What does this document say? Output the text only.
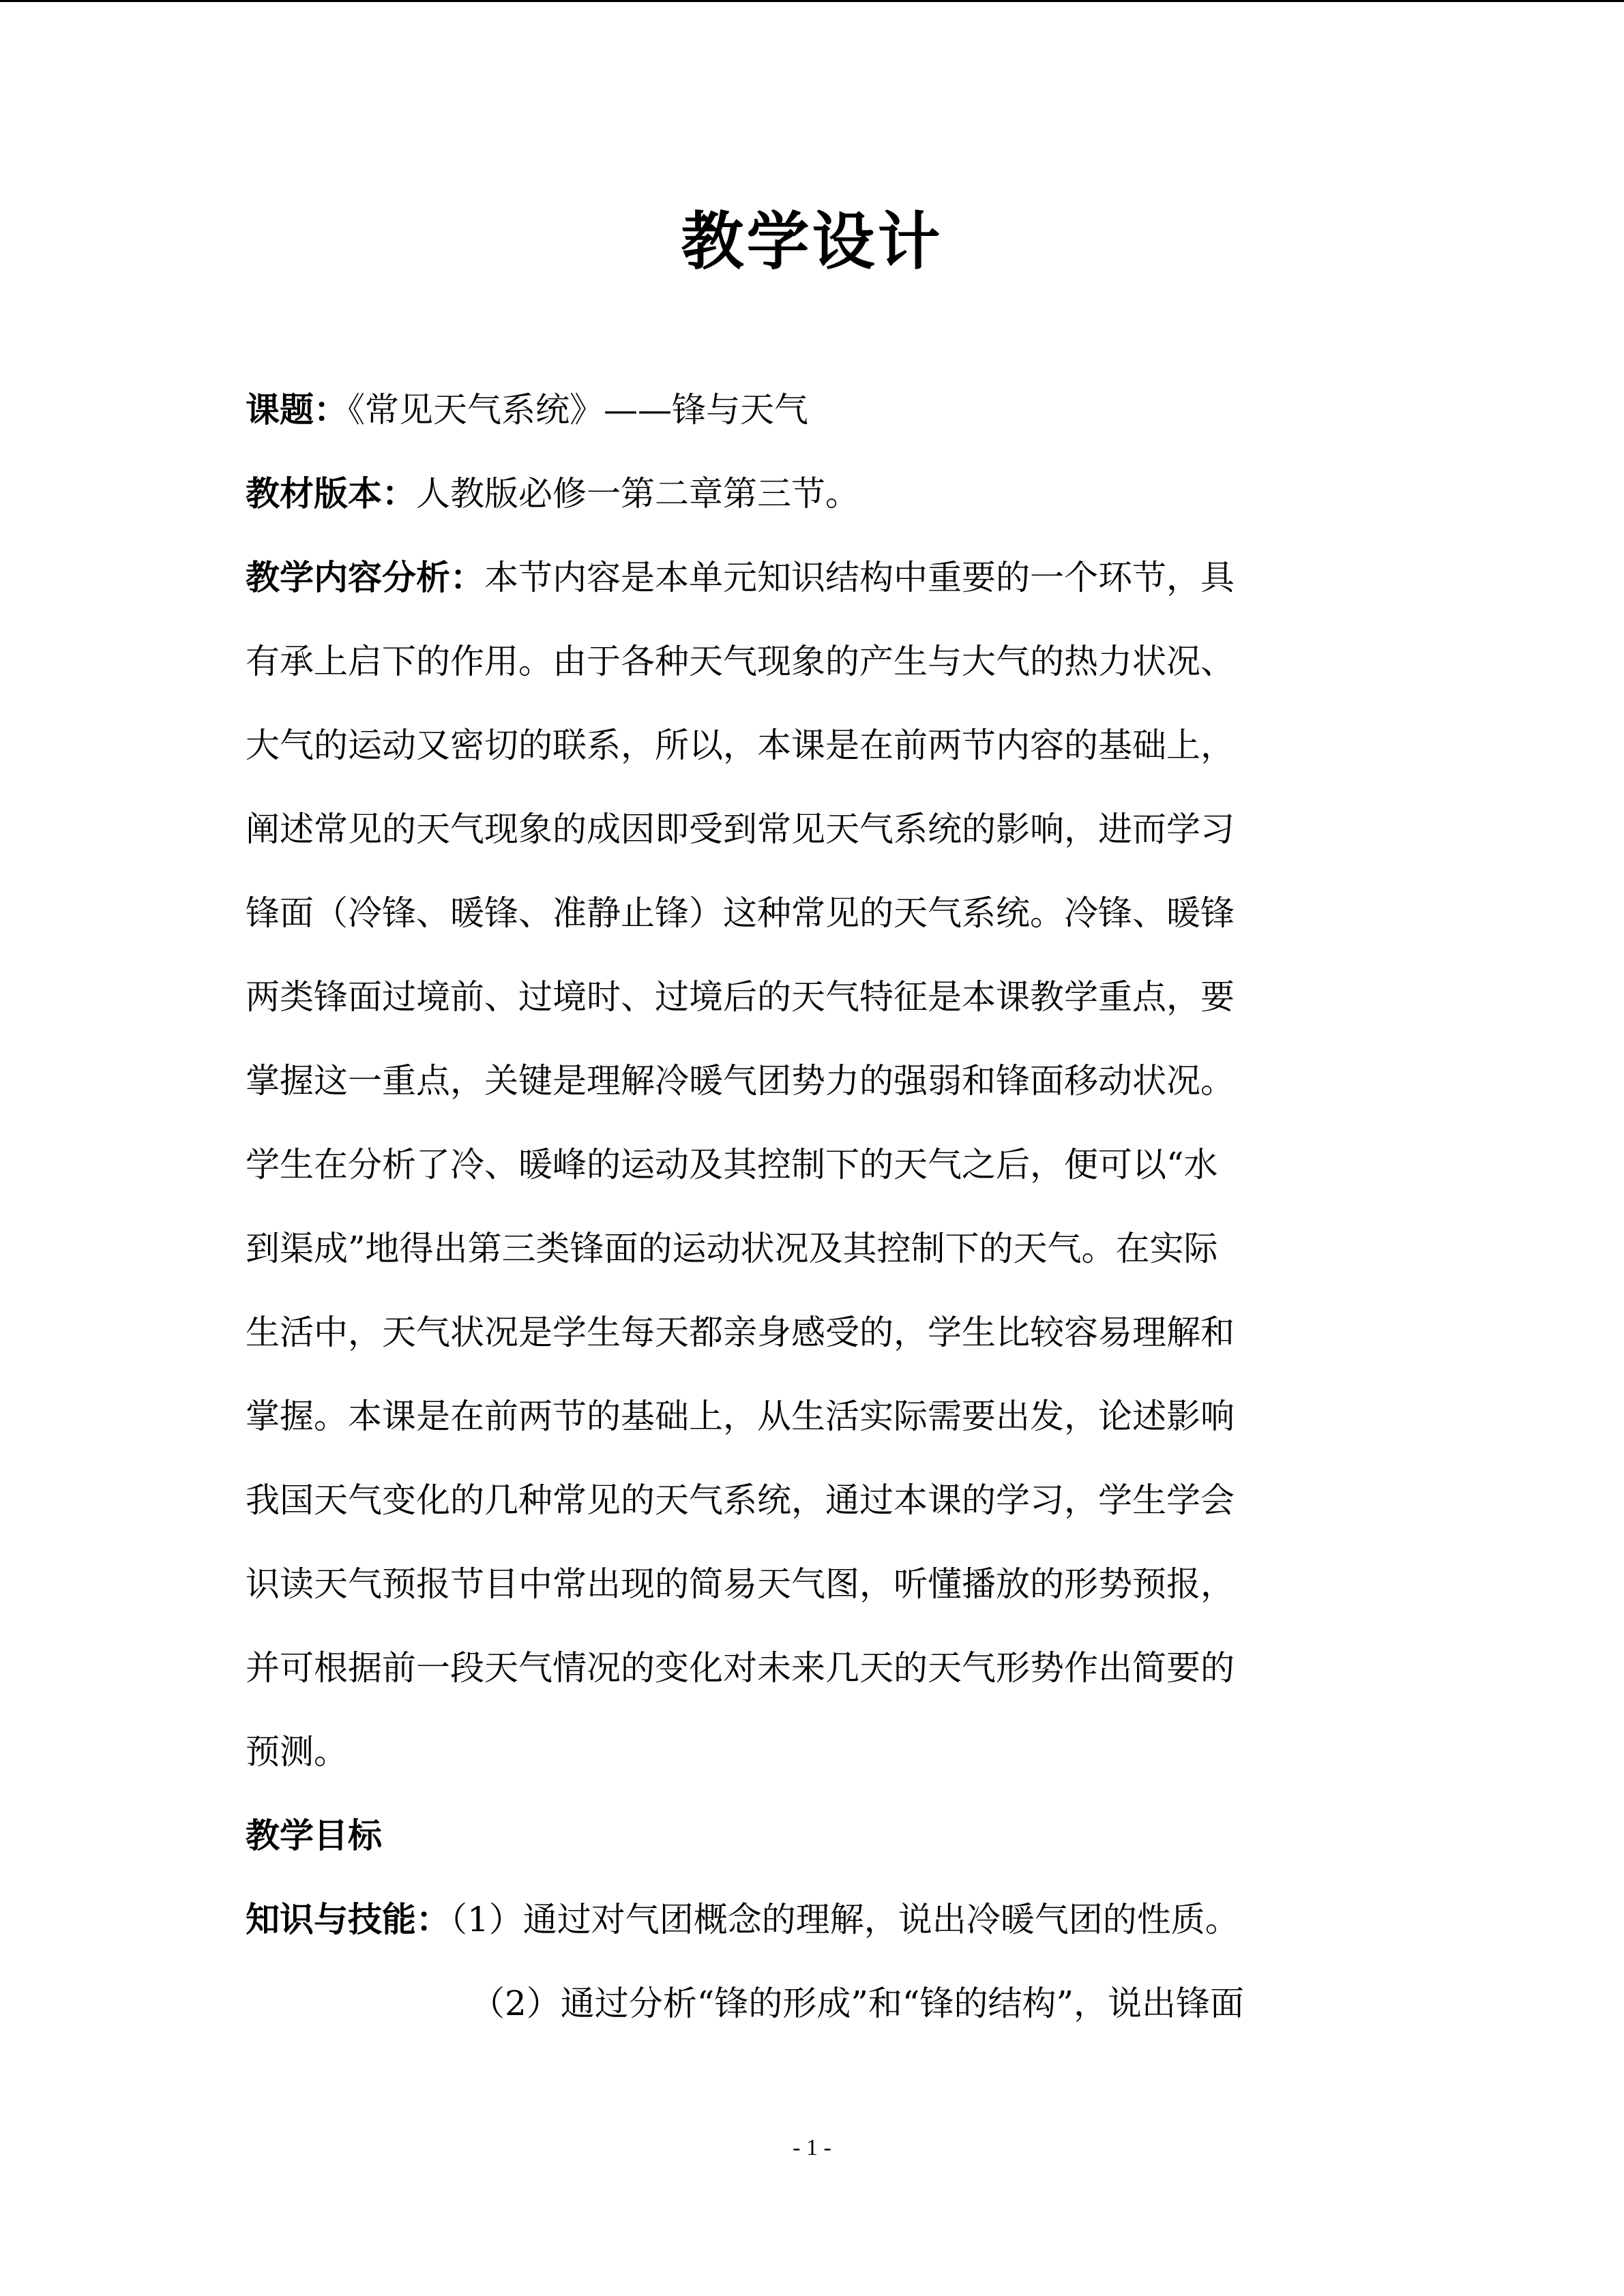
教学设计
课题：《常见天气系统》——锋与天气
教材版本：人教版必修一第二章第三节。
教学内容分析：本节内容是本单元知识结构中重要的一个环节，具
有承上启下的作用。由于各种天气现象的产生与大气的热力状况、
大气的运动又密切的联系，所以，本课是在前两节内容的基础上，
阐述常见的天气现象的成因即受到常见天气系统的影响，进而学习
锋面（冷锋、暖锋、准静止锋）这种常见的天气系统。冷锋、暖锋
两类锋面过境前、过境时、过境后的天气特征是本课教学重点，要
掌握这一重点，关键是理解冷暖气团势力的强弱和锋面移动状况。
学生在分析了冷、暖峰的运动及其控制下的天气之后，便可以“水
到渠成”地得出第三类锋面的运动状况及其控制下的天气。在实际
生活中，天气状况是学生每天都亲身感受的，学生比较容易理解和
掌握。本课是在前两节的基础上，从生活实际需要出发，论述影响
我国天气变化的几种常见的天气系统，通过本课的学习，学生学会
识读天气预报节目中常出现的简易天气图，听懂播放的形势预报，
并可根据前一段天气情况的变化对未来几天的天气形势作出简要的
预测。
教学目标
知识与技能：（1）通过对气团概念的理解，说出冷暖气团的性质。
（2）通过分析“锋的形成”和“锋的结构”，说出锋面
- 1 -
